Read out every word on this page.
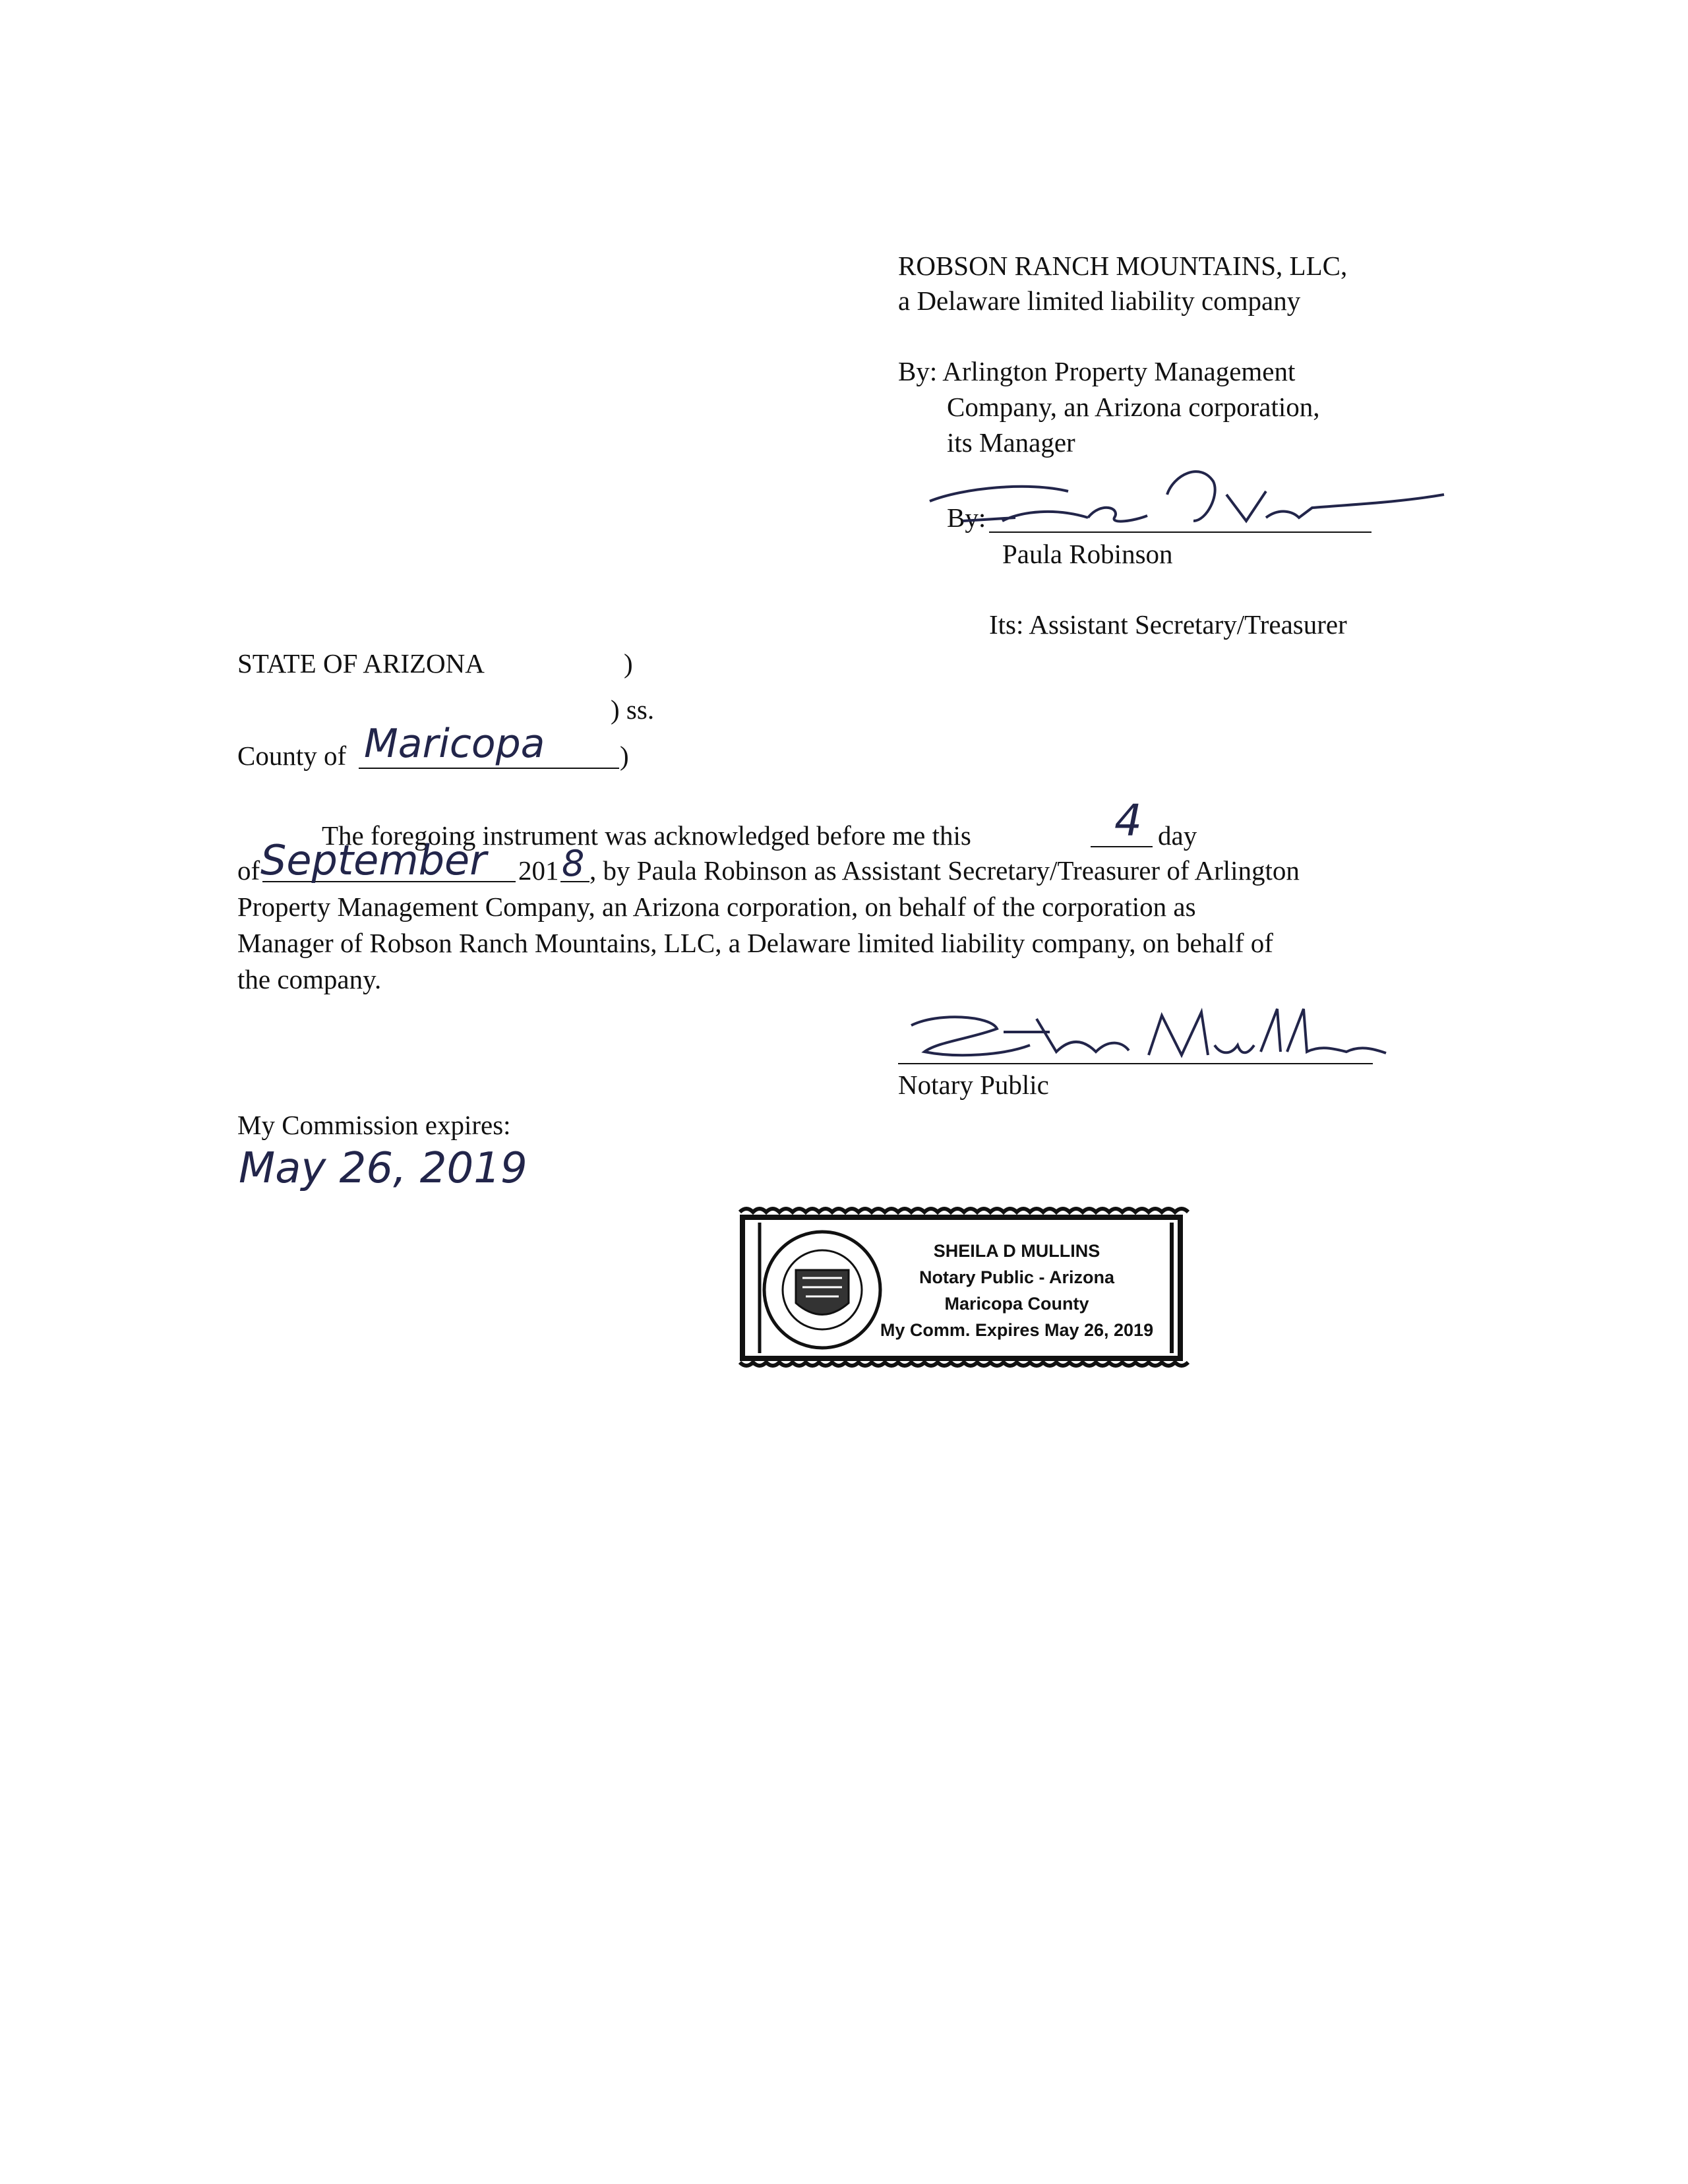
ROBSON RANCH MOUNTAINS, LLC,
a Delaware limited liability company
By: Arlington Property Management
Company, an Arizona corporation,
its Manager
By:
Paula Robinson
Its: Assistant Secretary/Treasurer
STATE OF ARIZONA	)
) ss.
County of Maricopa	)
The foregoing instrument was acknowledged before me this	4 day
of September 201 8 , by Paula Robinson as Assistant Secretary/Treasurer of Arlington
Property Management Company, an Arizona corporation, on behalf of the corporation as
Manager of Robson Ranch Mountains, LLC, a Delaware limited liability company, on behalf of
the company.
Notary Public
My Commission expires:
May 26, 2019
SHEILA D MULLINS
Notary Public - Arizona
Maricopa County
My Comm. Expires May 26, 2019
